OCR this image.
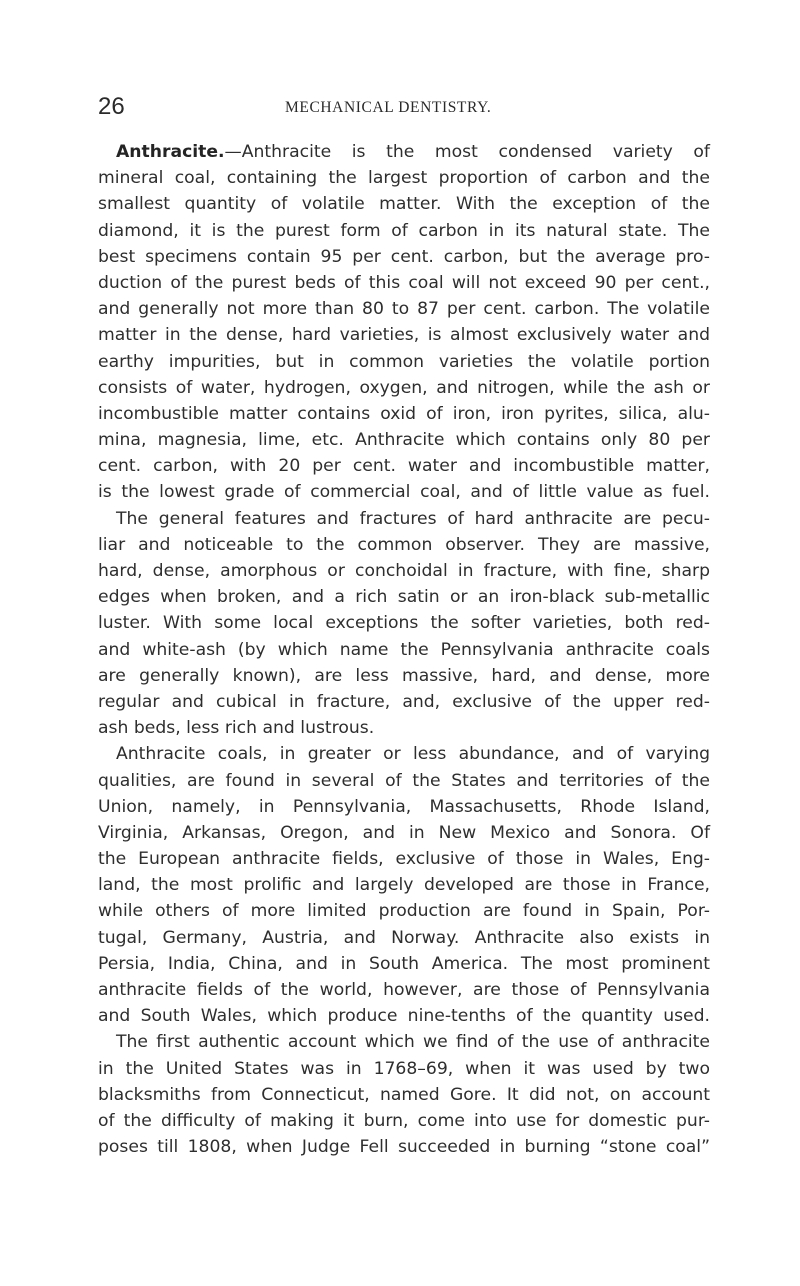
26	MECHANICAL DENTISTRY.
Anthracite.—Anthracite is the most condensed variety of
mineral coal, containing the largest proportion of carbon and the
smallest quantity of volatile matter. With the exception of the
diamond, it is the purest form of carbon in its natural state. The
best specimens contain 95 per cent. carbon, but the average pro-
duction of the purest beds of this coal will not exceed 90 per cent.,
and generally not more than 80 to 87 per cent. carbon. The volatile
matter in the dense, hard varieties, is almost exclusively water and
earthy impurities, but in common varieties the volatile portion
consists of water, hydrogen, oxygen, and nitrogen, while the ash or
incombustible matter contains oxid of iron, iron pyrites, silica, alu-
mina, magnesia, lime, etc. Anthracite which contains only 80 per
cent. carbon, with 20 per cent. water and incombustible matter,
is the lowest grade of commercial coal, and of little value as fuel.
The general features and fractures of hard anthracite are pecu-
liar and noticeable to the common observer. They are massive,
hard, dense, amorphous or conchoidal in fracture, with fine, sharp
edges when broken, and a rich satin or an iron-black sub-metallic
luster. With some local exceptions the softer varieties, both red-
and white-ash (by which name the Pennsylvania anthracite coals
are generally known), are less massive, hard, and dense, more
regular and cubical in fracture, and, exclusive of the upper red-
ash beds, less rich and lustrous.
Anthracite coals, in greater or less abundance, and of varying
qualities, are found in several of the States and territories of the
Union, namely, in Pennsylvania, Massachusetts, Rhode Island,
Virginia, Arkansas, Oregon, and in New Mexico and Sonora. Of
the European anthracite fields, exclusive of those in Wales, Eng-
land, the most prolific and largely developed are those in France,
while others of more limited production are found in Spain, Por-
tugal, Germany, Austria, and Norway. Anthracite also exists in
Persia, India, China, and in South America. The most prominent
anthracite fields of the world, however, are those of Pennsylvania
and South Wales, which produce nine-tenths of the quantity used.
The first authentic account which we find of the use of anthracite
in the United States was in 1768–69, when it was used by two
blacksmiths from Connecticut, named Gore. It did not, on account
of the difficulty of making it burn, come into use for domestic pur-
poses till 1808, when Judge Fell succeeded in burning “stone coal”
